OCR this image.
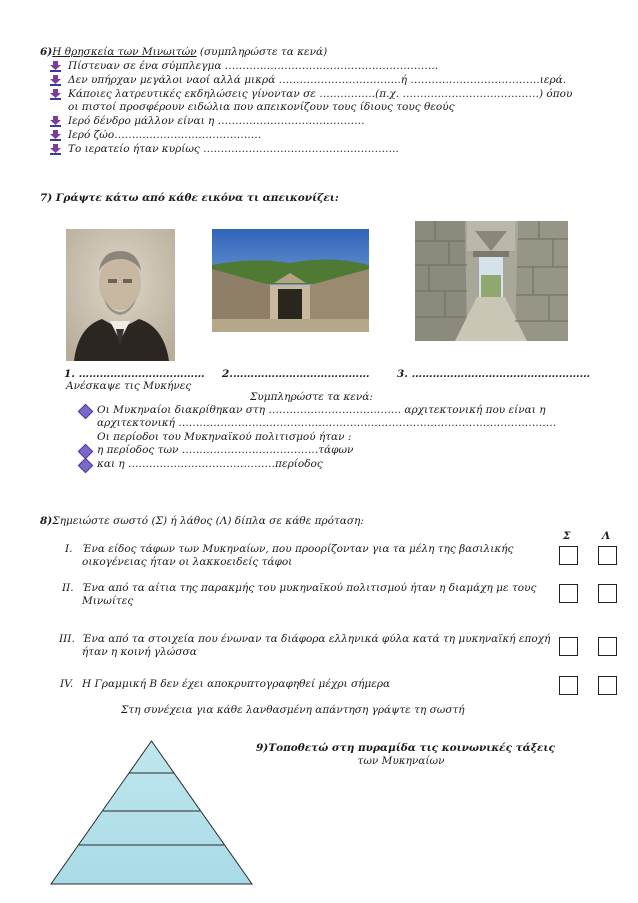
6)Η θρησκεία των Μινωιτών (συμπληρώστε τα κενά)
Πίστευαν σε ένα σύμπλεγμα …………………………………………………….
Δεν υπήρχαν μεγάλοι ναοί αλλά μικρά ……………………………..ή ……………………………….ιερά.
Κάποιες λατρευτικές εκδηλώσεις γίνονταν σε …………….(π.χ. …………………………………) όπου
οι πιστοί προσφέρουν ειδώλια που απεικονίζουν τους ίδιους τους θεούς
Ιερό δένδρο μάλλον είναι η ……………………………………
Ιερό ζώο……………………………………
Το ιερατείο ήταν κυρίως ………………………………………………..
7) Γράψτε κάτω από κάθε εικόνα τι απεικονίζει:
1. ……………………………… 2.…………………………………	3. ……………………………………………
Ανέσκαψε τις Μυκήνες
Συμπληρώστε τα κενά:
Οι Μυκηναίοι διακρίθηκαν στη ……………………………….. αρχιτεκτονική που είναι η
αρχιτεκτονική ………………………………………………………………………………………………
Οι περίοδοι του Μυκηναϊκού πολιτισμού ήταν :
η περίοδος των …………………………………τάφων
και η ……………………………………περίοδος
8)Σημειώστε σωστό (Σ) ή λάθος (Λ) δίπλα σε κάθε πρόταση:
Σ	Λ
I. Ένα είδος τάφων των Μυκηναίων, που προορίζονταν για τα μέλη της βασιλικής
οικογένειας ήταν οι λακκοειδείς τάφοι
II. Ένα από τα αίτια της παρακμής του μυκηναϊκού πολιτισμού ήταν η διαμάχη με τους
Μινωίτες
III. Ένα από τα στοιχεία που ένωναν τα διάφορα ελληνικά φύλα κατά τη μυκηναϊκή εποχή
ήταν η κοινή γλώσσα
IV. Η Γραμμική Β δεν έχει αποκρυπτογραφηθεί μέχρι σήμερα
Στη συνέχεια για κάθε λανθασμένη απάντηση γράψτε τη σωστή
9)Τοποθετώ στη πυραμίδα τις κοινωνικές τάξεις
των Μυκηναίων
